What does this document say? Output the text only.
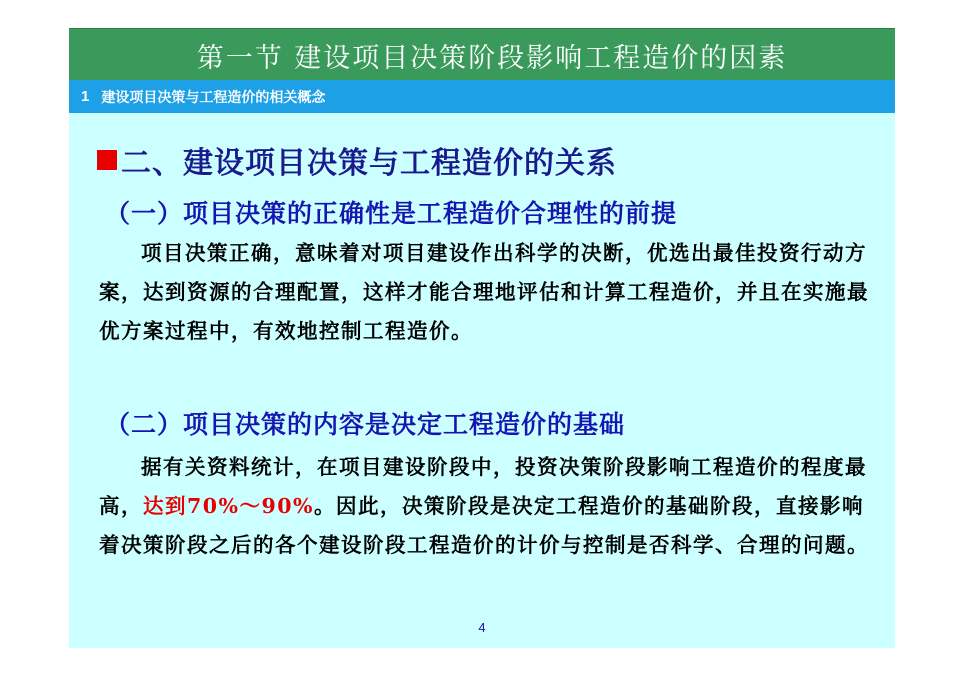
第一节 建设项目决策阶段影响工程造价的因素
1 建设项目决策与工程造价的相关概念
二、建设项目决策与工程造价的关系
（一）项目决策的正确性是工程造价合理性的前提
项目决策正确，意味着对项目建设作出科学的决断，优选出最佳投资行动方案，达到资源的合理配置，这样才能合理地评估和计算工程造价，并且在实施最优方案过程中，有效地控制工程造价。
（二）项目决策的内容是决定工程造价的基础
据有关资料统计，在项目建设阶段中，投资决策阶段影响工程造价的程度最高，达到70%～90%。因此，决策阶段是决定工程造价的基础阶段，直接影响着决策阶段之后的各个建设阶段工程造价的计价与控制是否科学、合理的问题。
4
